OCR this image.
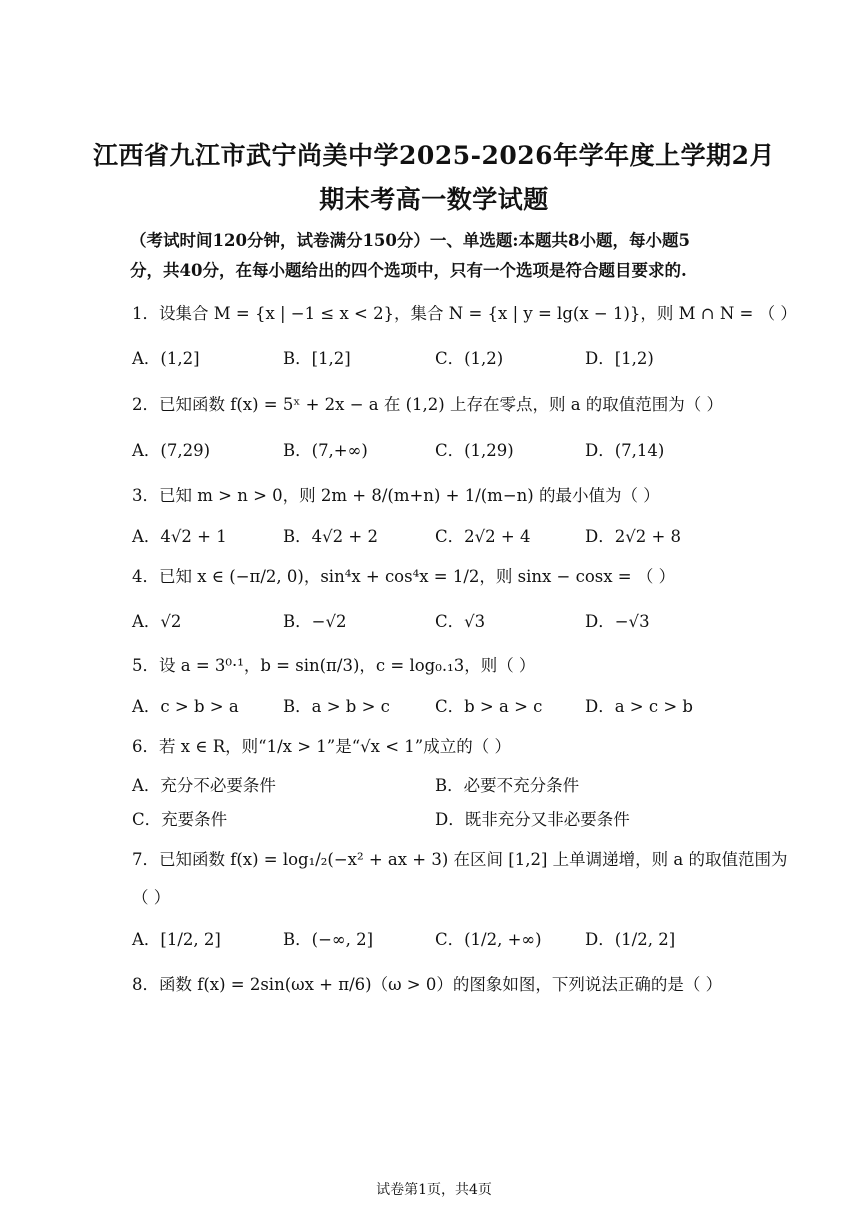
江西省九江市武宁尚美中学2025-2026年学年度上学期2月
期末考高一数学试题
（考试时间120分钟，试卷满分150分）一、单选题:本题共8小题，每小题5
分，共40分，在每小题给出的四个选项中，只有一个选项是符合题目要求的.
1．设集合 M = {x | −1 ≤ x < 2}，集合 N = {x | y = lg(x − 1)}，则 M ∩ N = （ ）
A．(1,2]	B．[1,2]	C．(1,2)	D．[1,2)
2．已知函数 f(x) = 5ˣ + 2x − a 在 (1,2) 上存在零点，则 a 的取值范围为（ ）
A．(7,29)	B．(7,+∞)	C．(1,29)	D．(7,14)
3．已知 m > n > 0，则 2m + 8/(m+n) + 1/(m−n) 的最小值为（ ）
A．4√2 + 1	B．4√2 + 2	C．2√2 + 4	D．2√2 + 8
4．已知 x ∈ (−π/2, 0)，sin⁴x + cos⁴x = 1/2，则 sinx − cosx = （ ）
A．√2	B．−√2	C．√3	D．−√3
5．设 a = 3⁰·¹，b = sin(π/3)，c = log₀.₁3，则（ ）
A．c > b > a	B．a > b > c	C．b > a > c	D．a > c > b
6．若 x ∈ R，则“1/x > 1”是“√x < 1”成立的（ ）
A．充分不必要条件	B．必要不充分条件
C．充要条件	D．既非充分又非必要条件
7．已知函数 f(x) = log₁/₂(−x² + ax + 3) 在区间 [1,2] 上单调递增，则 a 的取值范围为
（ ）
A．[1/2, 2]	B．(−∞, 2]	C．(1/2, +∞)	D．(1/2, 2]
8．函数 f(x) = 2sin(ωx + π/6)（ω > 0）的图象如图，下列说法正确的是（ ）
试卷第1页，共4页
